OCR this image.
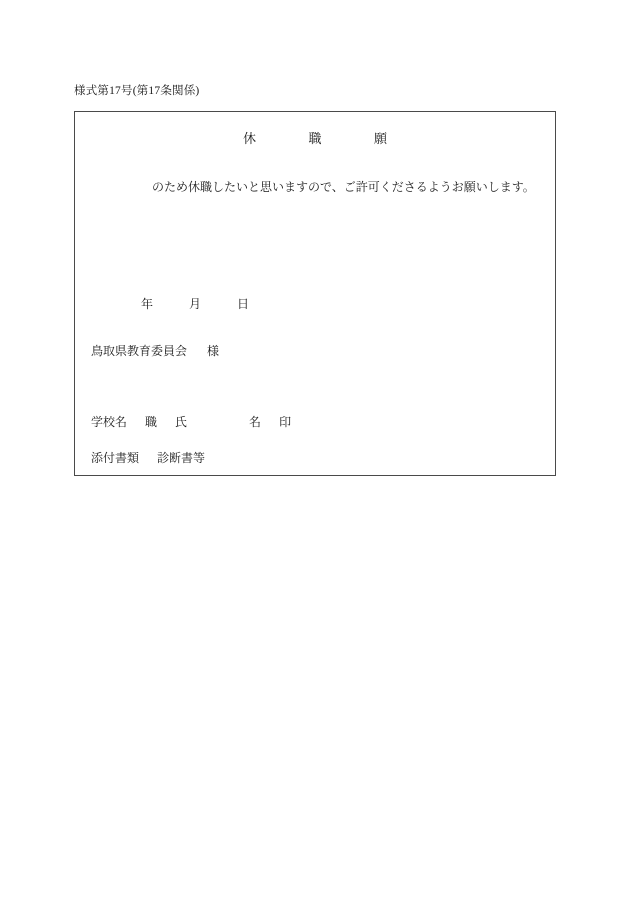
様式第17号(第17条関係)
休	職	願
のため休職したいと思いますので、ご許可くださるようお願いします。
年	月	日
鳥取県教育委員会 様
学校名 職 氏	名 印
添付書類 診断書等
